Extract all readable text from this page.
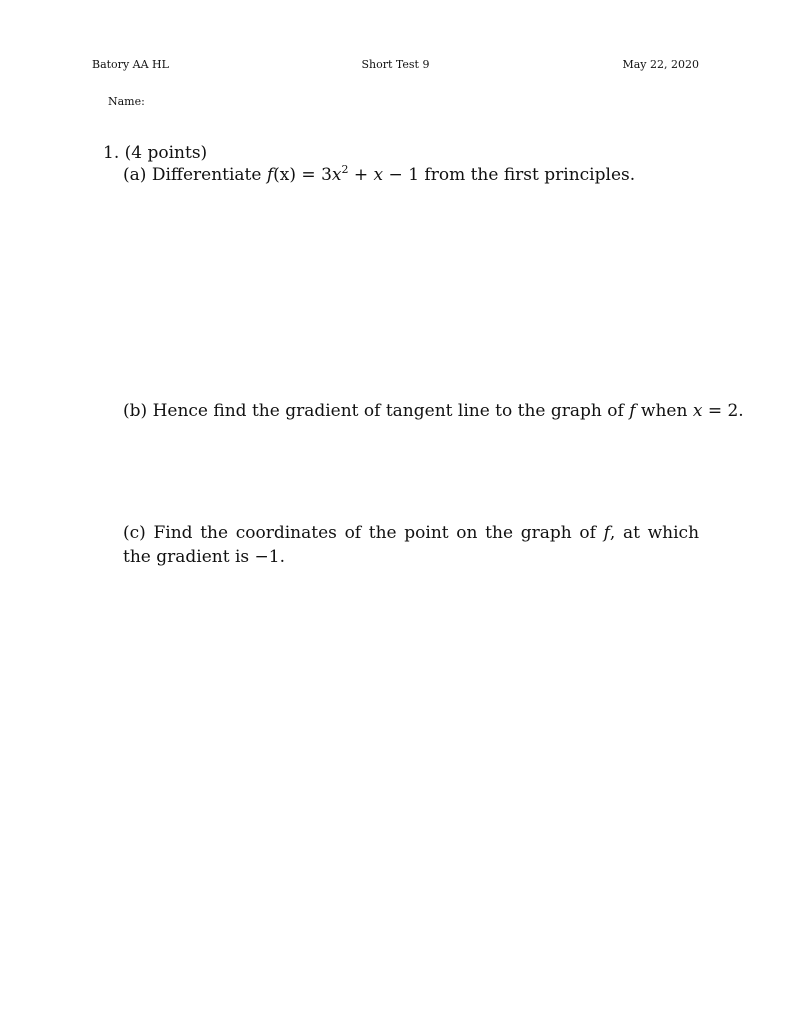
Batory AA HL	Short Test 9	May 22, 2020
Name:
1. (4 points)
(a) Differentiate $f(x) = 3x^2 + x - 1$ from the first principles.
(b) Hence find the gradient of tangent line to the graph of f when x = 2.
(c) Find the coordinates of the point on the graph of f, at which the gradient is −1.
